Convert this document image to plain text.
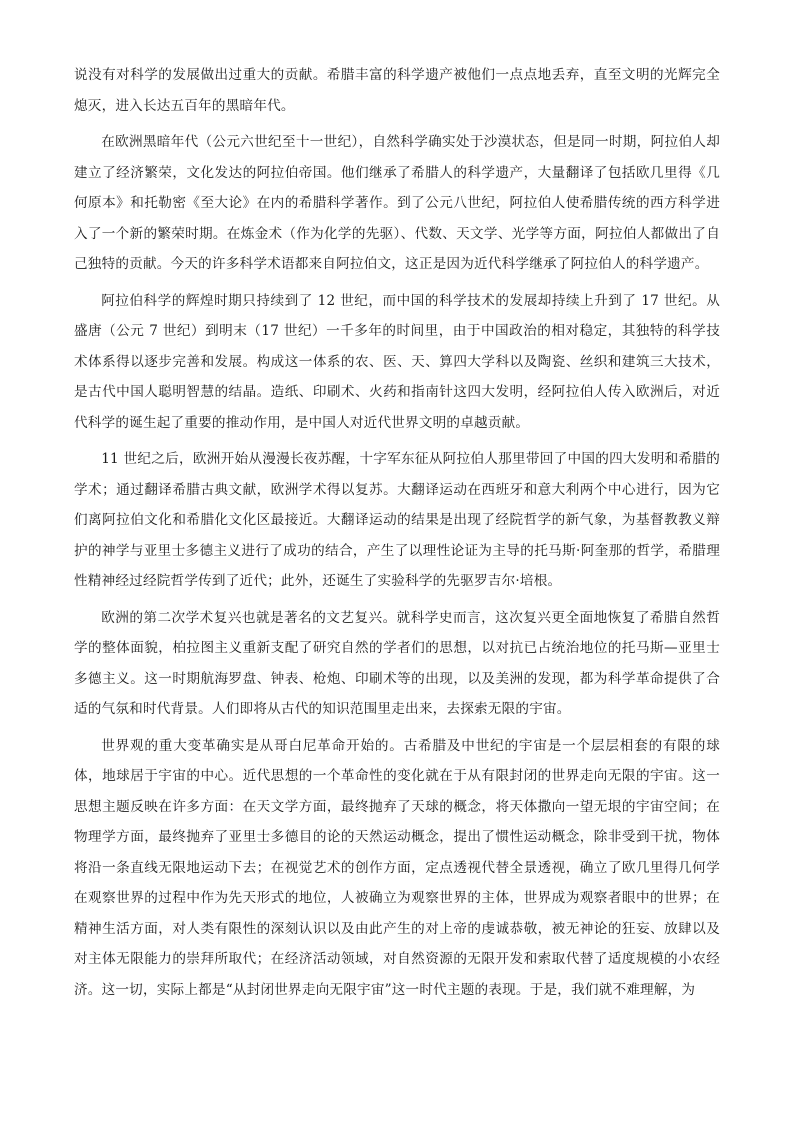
说没有对科学的发展做出过重大的贡献。希腊丰富的科学遗产被他们一点点地丢弃，直至文明的光辉完全熄灭，进入长达五百年的黑暗年代。

在欧洲黑暗年代（公元六世纪至十一世纪），自然科学确实处于沙漠状态，但是同一时期，阿拉伯人却建立了经济繁荣，文化发达的阿拉伯帝国。他们继承了希腊人的科学遗产，大量翻译了包括欧几里得《几何原本》和托勒密《至大论》在内的希腊科学著作。到了公元八世纪，阿拉伯人使希腊传统的西方科学进入了一个新的繁荣时期。在炼金术（作为化学的先驱）、代数、天文学、光学等方面，阿拉伯人都做出了自己独特的贡献。今天的许多科学术语都来自阿拉伯文，这正是因为近代科学继承了阿拉伯人的科学遗产。

阿拉伯科学的辉煌时期只持续到了 12 世纪，而中国的科学技术的发展却持续上升到了 17 世纪。从盛唐（公元 7 世纪）到明末（17 世纪）一千多年的时间里，由于中国政治的相对稳定，其独特的科学技术体系得以逐步完善和发展。构成这一体系的农、医、天、算四大学科以及陶瓷、丝织和建筑三大技术，是古代中国人聪明智慧的结晶。造纸、印刷术、火药和指南针这四大发明，经阿拉伯人传入欧洲后，对近代科学的诞生起了重要的推动作用，是中国人对近代世界文明的卓越贡献。

11 世纪之后，欧洲开始从漫漫长夜苏醒，十字军东征从阿拉伯人那里带回了中国的四大发明和希腊的学术；通过翻译希腊古典文献，欧洲学术得以复苏。大翻译运动在西班牙和意大利两个中心进行，因为它们离阿拉伯文化和希腊化文化区最接近。大翻译运动的结果是出现了经院哲学的新气象，为基督教教义辩护的神学与亚里士多德主义进行了成功的结合，产生了以理性论证为主导的托马斯·阿奎那的哲学，希腊理性精神经过经院哲学传到了近代；此外，还诞生了实验科学的先驱罗吉尔·培根。

欧洲的第二次学术复兴也就是著名的文艺复兴。就科学史而言，这次复兴更全面地恢复了希腊自然哲学的整体面貌，柏拉图主义重新支配了研究自然的学者们的思想，以对抗已占统治地位的托马斯—亚里士多德主义。这一时期航海罗盘、钟表、枪炮、印刷术等的出现，以及美洲的发现，都为科学革命提供了合适的气氛和时代背景。人们即将从古代的知识范围里走出来，去探索无限的宇宙。

世界观的重大变革确实是从哥白尼革命开始的。古希腊及中世纪的宇宙是一个层层相套的有限的球体，地球居于宇宙的中心。近代思想的一个革命性的变化就在于从有限封闭的世界走向无限的宇宙。这一思想主题反映在许多方面：在天文学方面，最终抛弃了天球的概念，将天体撒向一望无垠的宇宙空间；在物理学方面，最终抛弃了亚里士多德目的论的天然运动概念，提出了惯性运动概念，除非受到干扰，物体将沿一条直线无限地运动下去；在视觉艺术的创作方面，定点透视代替全景透视，确立了欧几里得几何学在观察世界的过程中作为先天形式的地位，人被确立为观察世界的主体，世界成为观察者眼中的世界；在精神生活方面，对人类有限性的深刻认识以及由此产生的对上帝的虔诚恭敬，被无神论的狂妄、放肆以及对主体无限能力的崇拜所取代；在经济活动领域，对自然资源的无限开发和索取代替了适度规模的小农经济。这一切，实际上都是“从封闭世界走向无限宇宙”这一时代主题的表现。于是，我们就不难理解，为
